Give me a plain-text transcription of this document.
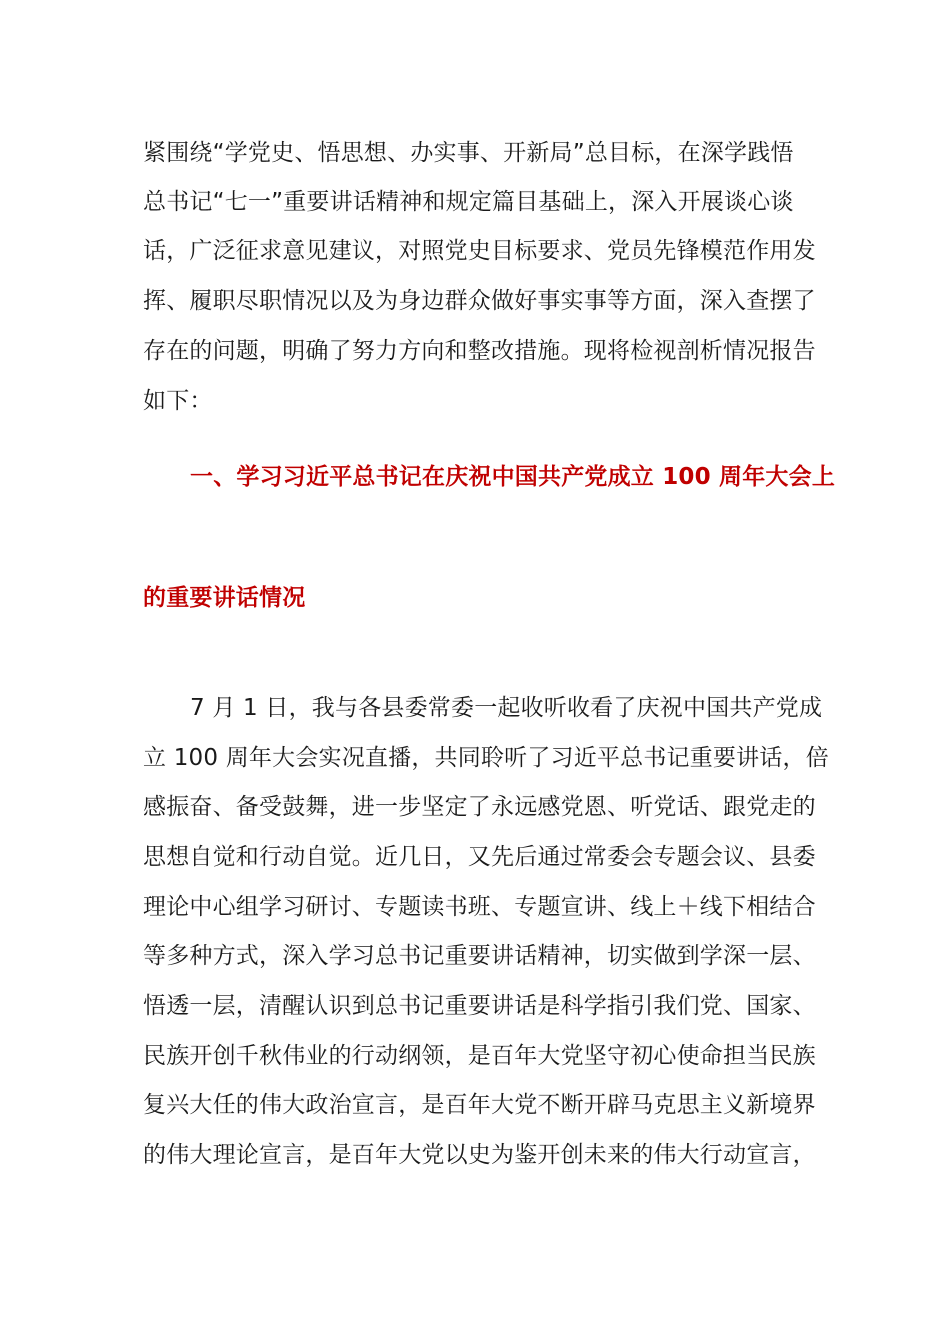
紧围绕“学党史、悟思想、办实事、开新局”总目标，在深学践悟
总书记“七一”重要讲话精神和规定篇目基础上，深入开展谈心谈
话，广泛征求意见建议，对照党史目标要求、党员先锋模范作用发
挥、履职尽职情况以及为身边群众做好事实事等方面，深入查摆了
存在的问题，明确了努力方向和整改措施。现将检视剖析情况报告
如下：
一、学习习近平总书记在庆祝中国共产党成立 100 周年大会上
的重要讲话情况
7 月 1 日，我与各县委常委一起收听收看了庆祝中国共产党成
立 100 周年大会实况直播，共同聆听了习近平总书记重要讲话，倍
感振奋、备受鼓舞，进一步坚定了永远感党恩、听党话、跟党走的
思想自觉和行动自觉。近几日，又先后通过常委会专题会议、县委
理论中心组学习研讨、专题读书班、专题宣讲、线上＋线下相结合
等多种方式，深入学习总书记重要讲话精神，切实做到学深一层、
悟透一层，清醒认识到总书记重要讲话是科学指引我们党、国家、
民族开创千秋伟业的行动纲领，是百年大党坚守初心使命担当民族
复兴大任的伟大政治宣言，是百年大党不断开辟马克思主义新境界
的伟大理论宣言，是百年大党以史为鉴开创未来的伟大行动宣言，
